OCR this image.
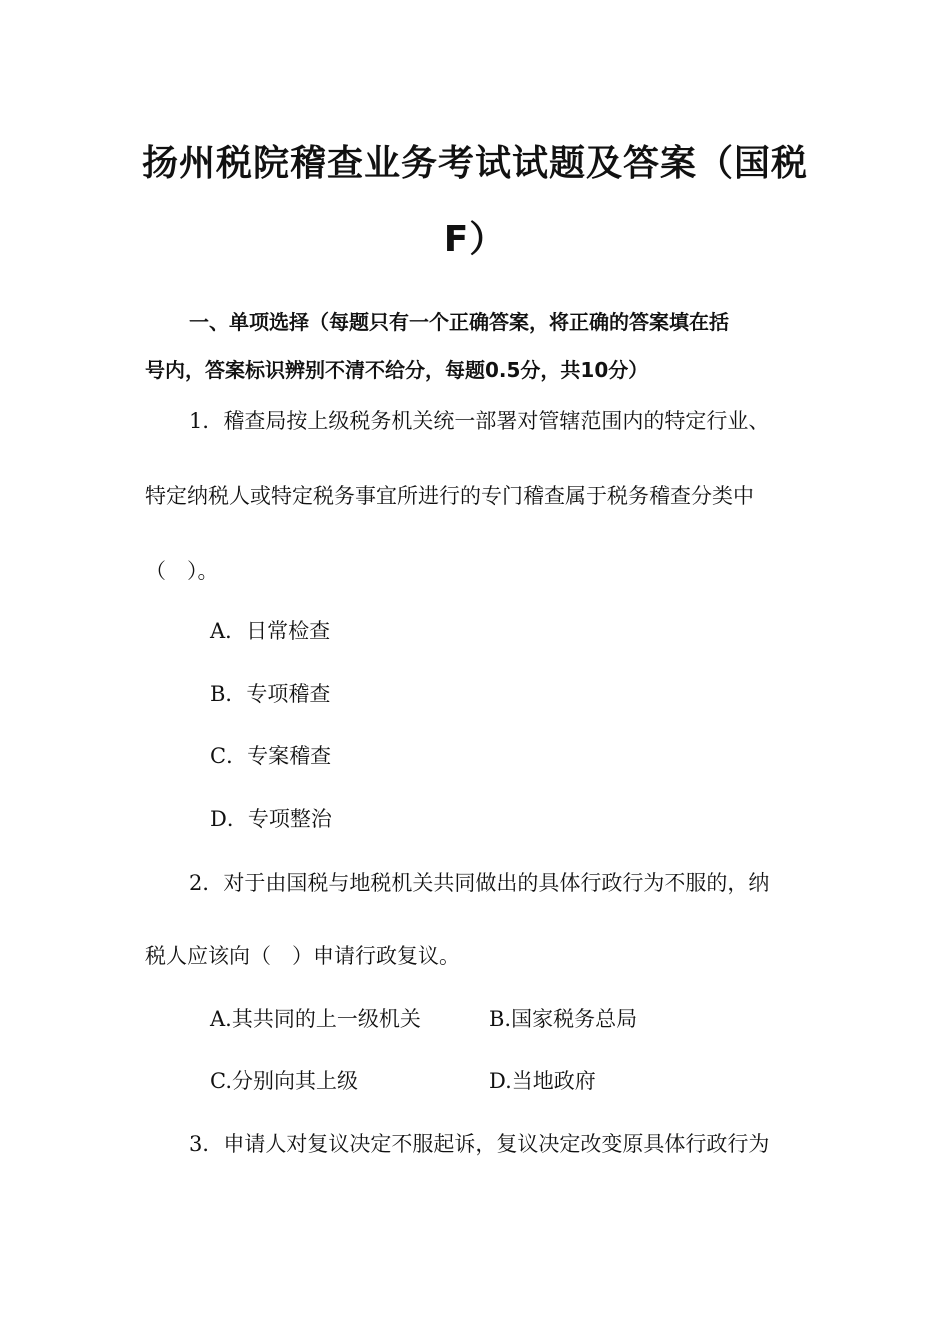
扬州税院稽查业务考试试题及答案（国税
F）
一、单项选择（每题只有一个正确答案，将正确的答案填在括
号内，答案标识辨别不清不给分，每题0.5分，共10分）
1．稽查局按上级税务机关统一部署对管辖范围内的特定行业、
特定纳税人或特定税务事宜所进行的专门稽查属于税务稽查分类中
（　）。
A．日常检查
B．专项稽查
C．专案稽查
D．专项整治
2．对于由国税与地税机关共同做出的具体行政行为不服的，纳
税人应该向（　）申请行政复议。
A.其共同的上一级机关	B.国家税务总局
C.分别向其上级	D.当地政府
3．申请人对复议决定不服起诉，复议决定改变原具体行政行为
